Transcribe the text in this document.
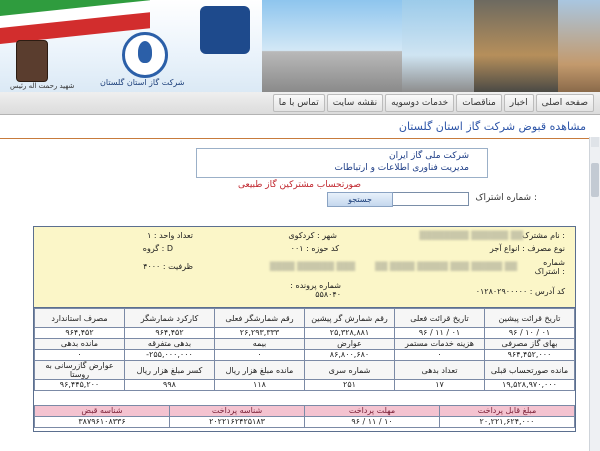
شهید رحمت اله رئیس	شرکت گاز استان گلستان
صفحه اصلی
اخبار
مناقصات
خدمات دوسویه
نقشه سایت
تماس با ما
مشاهده قبوض شرکت گاز استان گلستان
شرکت ملی گاز ایران
مدیریت فناوری اطلاعات و ارتباطات
صورتحساب مشترکین گاز طبیعی
شماره اشتراک :
جستجو
نام مشترک :
████████ ██████ ██
شهر : کردکوی
تعداد واحد : ۱
نوع مصرف : انواع آجر
کد حوزه : ۰۰۱
گروه : D
شماره اشتراک :
██ ████ █████ ███ █████ ██
████ ██████ ███
ظرفیت : ۴۰۰۰
کد آدرس : ۰۱۲۸۰۲۹۰۰۰۰۰
شماره پرونده : ۵۵۸۰۴۰
مصرف استاندارد	کارکرد شمارشگر	رقم شمارشگر فعلی	رقم شمارش گر پیشین	تاریخ قرائت فعلی	تاریخ قرائت پیشین
۹۶۴,۴۵۲	۹۶۴,۴۵۲	۲۶,۲۹۳,۳۳۳	۲۵,۳۲۸,۸۸۱	۹۶ / ۱۱ / ۰۱	۹۶ / ۱۰ / ۰۱
مانده بدهی	بدهی متفرقه	بیمه	عوارض	هزینه خدمات مستمر	بهای گاز مصرفی
۰	-۲۵۵,۰۰۰,۰۰۰	۰	۸۶,۸۰۰,۶۸۰	۰	۹۶۴,۴۵۲,۰۰۰
عوارض گازرسانی به روستا	کسر مبلغ هزار ریال	مانده مبلغ هزار ریال	شماره سری	تعداد بدهی	مانده صورتحساب قبلی
۹۶,۴۴۵,۲۰۰	۹۹۸	۱۱۸	۲۵۱	۱۷	۱۹,۵۲۸,۹۷۰,۰۰۰
شناسه قبض	شناسه پرداخت	مهلت پرداخت	مبلغ قابل پرداخت
۳۸۷۹۶۱۰۸۳۳۶	۲۰۲۲۱۶۲۴۲۵۱۸۳	۹۶ / ۱۱ / ۱۰	۲۰,۲۲۱,۶۲۴,۰۰۰
